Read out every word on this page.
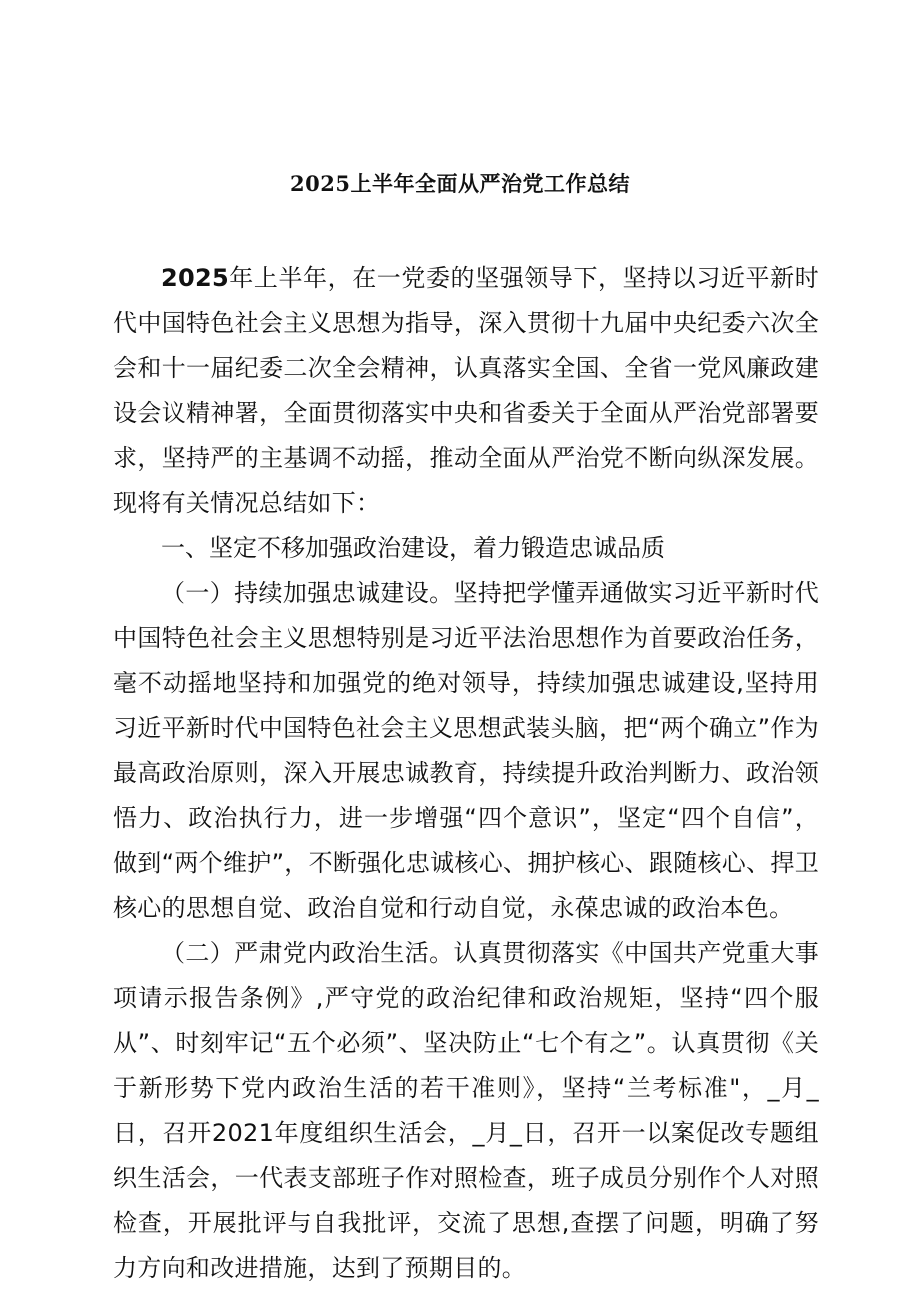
2025上半年全面从严治党工作总结

2025年上半年，在一党委的坚强领导下，坚持以习近平新时代中国特色社会主义思想为指导，深入贯彻十九届中央纪委六次全会和十一届纪委二次全会精神，认真落实全国、全省一党风廉政建设会议精神署，全面贯彻落实中央和省委关于全面从严治党部署要求，坚持严的主基调不动摇，推动全面从严治党不断向纵深发展。现将有关情况总结如下：

一、坚定不移加强政治建设，着力锻造忠诚品质

（一）持续加强忠诚建设。坚持把学懂弄通做实习近平新时代中国特色社会主义思想特别是习近平法治思想作为首要政治任务，毫不动摇地坚持和加强党的绝对领导，持续加强忠诚建设,坚持用习近平新时代中国特色社会主义思想武装头脑，把“两个确立”作为最高政治原则，深入开展忠诚教育，持续提升政治判断力、政治领悟力、政治执行力，进一步增强“四个意识”，坚定“四个自信”，做到“两个维护”，不断强化忠诚核心、拥护核心、跟随核心、捍卫核心的思想自觉、政治自觉和行动自觉，永葆忠诚的政治本色。

（二）严肃党内政治生活。认真贯彻落实《中国共产党重大事项请示报告条例》,严守党的政治纪律和政治规矩，坚持“四个服从”、时刻牢记“五个必须”、坚决防止“七个有之”。认真贯彻《关于新形势下党内政治生活的若干准则》，坚持“兰考标准"，_月_日，召开2021年度组织生活会，_月_日，召开一以案促改专题组织生活会，一代表支部班子作对照检查，班子成员分别作个人对照检查，开展批评与自我批评，交流了思想,查摆了问题，明确了努力方向和改进措施，达到了预期目的。
